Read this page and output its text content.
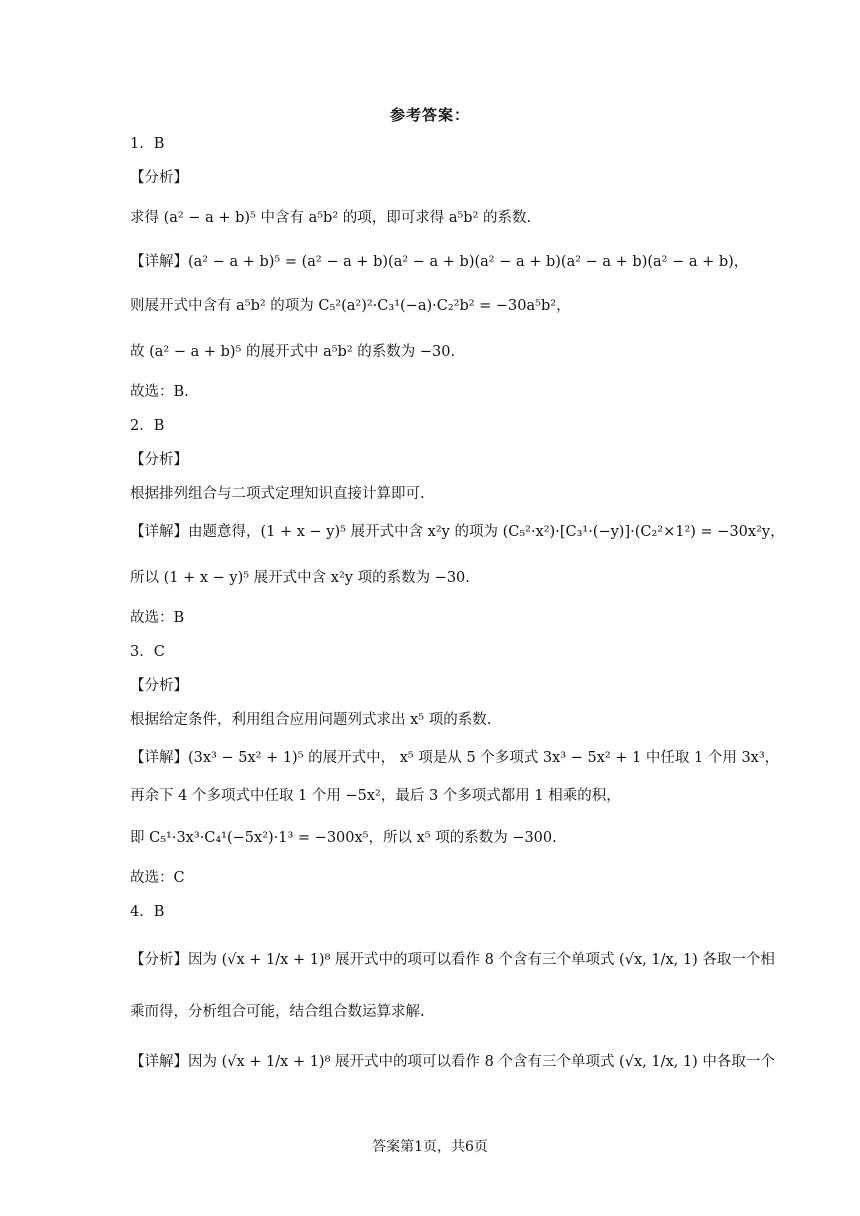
参考答案：
1．B
【分析】
求得 (a² − a + b)⁵ 中含有 a⁵b² 的项，即可求得 a⁵b² 的系数.
【详解】(a² − a + b)⁵ = (a² − a + b)(a² − a + b)(a² − a + b)(a² − a + b)(a² − a + b)，
则展开式中含有 a⁵b² 的项为 C₅²(a²)²·C₃¹(−a)·C₂²b² = −30a⁵b²，
故 (a² − a + b)⁵ 的展开式中 a⁵b² 的系数为 −30.
故选：B.
2．B
【分析】
根据排列组合与二项式定理知识直接计算即可.
【详解】由题意得，(1 + x − y)⁵ 展开式中含 x²y 的项为 (C₅²·x²)·[C₃¹·(−y)]·(C₂²×1²) = −30x²y，
所以 (1 + x − y)⁵ 展开式中含 x²y 项的系数为 −30.
故选：B
3．C
【分析】
根据给定条件，利用组合应用问题列式求出 x⁵ 项的系数.
【详解】(3x³ − 5x² + 1)⁵ 的展开式中， x⁵ 项是从 5 个多项式 3x³ − 5x² + 1 中任取 1 个用 3x³，
再余下 4 个多项式中任取 1 个用 −5x²，最后 3 个多项式都用 1 相乘的积，
即 C₅¹·3x³·C₄¹(−5x²)·1³ = −300x⁵，所以 x⁵ 项的系数为 −300.
故选：C
4．B
【分析】因为 (√x + 1/x + 1)⁸ 展开式中的项可以看作 8 个含有三个单项式 (√x, 1/x, 1) 各取一个相
乘而得，分析组合可能，结合组合数运算求解.
【详解】因为 (√x + 1/x + 1)⁸ 展开式中的项可以看作 8 个含有三个单项式 (√x, 1/x, 1) 中各取一个
答案第1页，共6页
